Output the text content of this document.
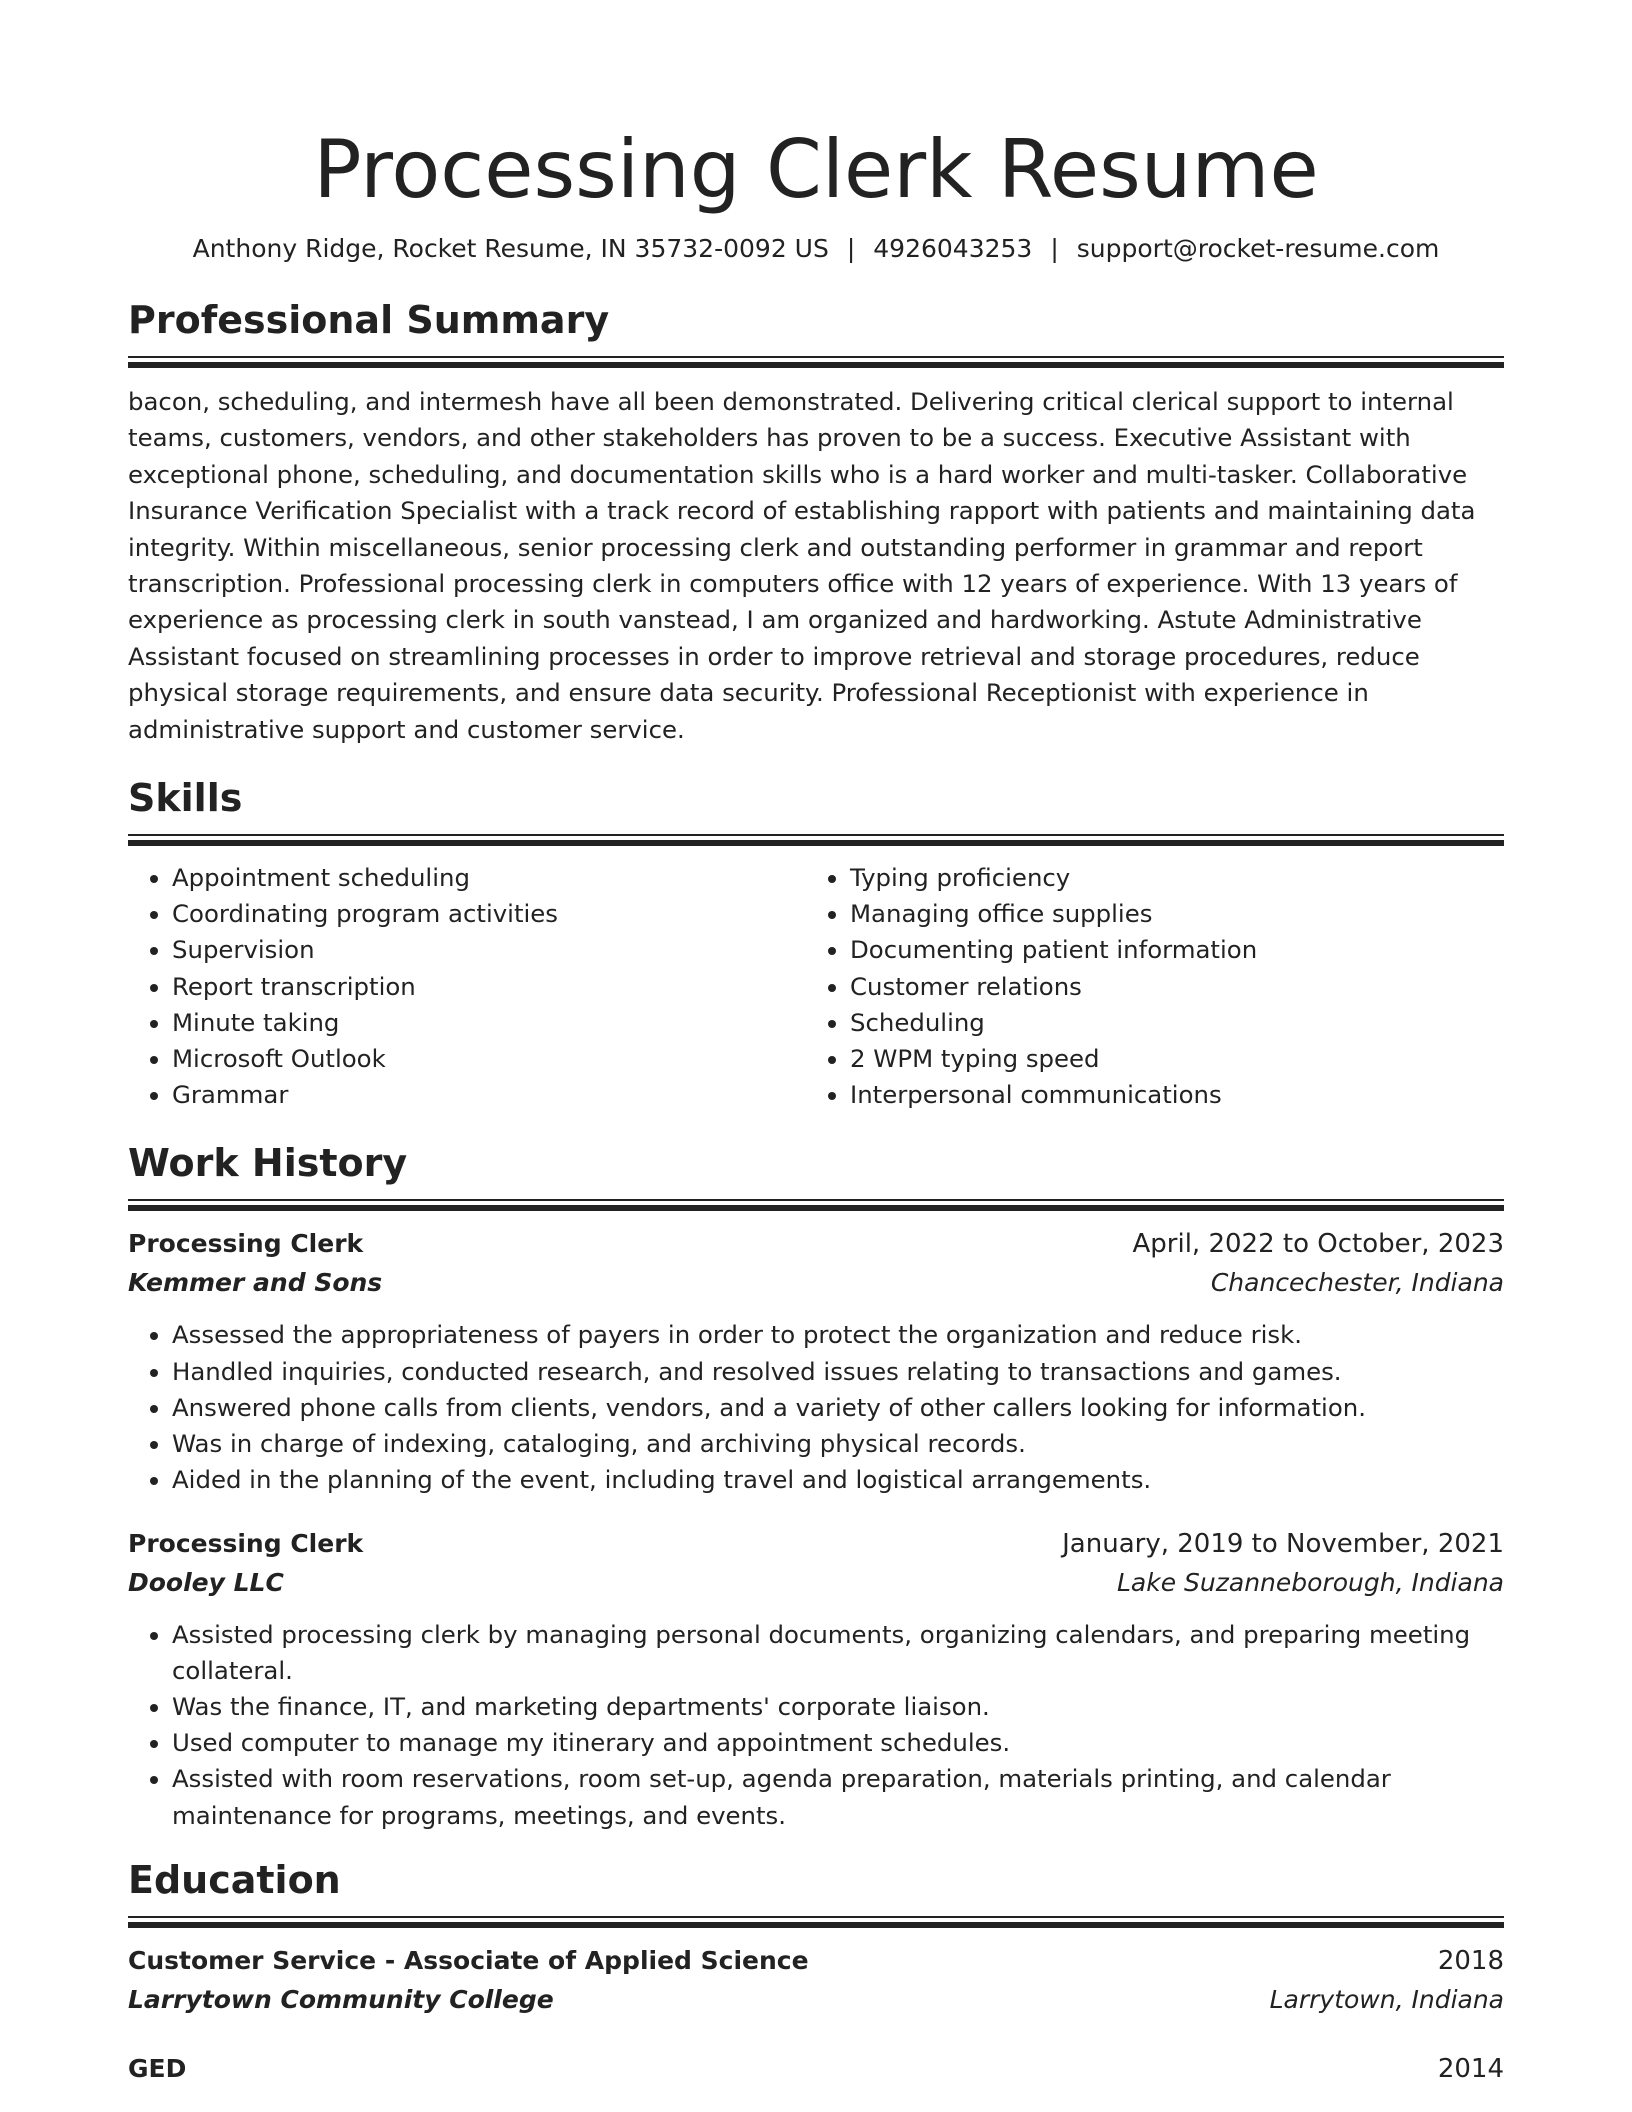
Processing Clerk Resume
Anthony Ridge, Rocket Resume, IN 35732-0092 US | 4926043253 | support@rocket-resume.com
Professional Summary
bacon, scheduling, and intermesh have all been demonstrated. Delivering critical clerical support to internal teams, customers, vendors, and other stakeholders has proven to be a success. Executive Assistant with exceptional phone, scheduling, and documentation skills who is a hard worker and multi-tasker. Collaborative Insurance Verification Specialist with a track record of establishing rapport with patients and maintaining data integrity. Within miscellaneous, senior processing clerk and outstanding performer in grammar and report transcription. Professional processing clerk in computers office with 12 years of experience. With 13 years of experience as processing clerk in south vanstead, I am organized and hardworking. Astute Administrative Assistant focused on streamlining processes in order to improve retrieval and storage procedures, reduce physical storage requirements, and ensure data security. Professional Receptionist with experience in administrative support and customer service.
Skills
• Appointment scheduling
• Coordinating program activities
• Supervision
• Report transcription
• Minute taking
• Microsoft Outlook
• Grammar
• Typing proficiency
• Managing office supplies
• Documenting patient information
• Customer relations
• Scheduling
• 2 WPM typing speed
• Interpersonal communications
Work History
Processing Clerk	April, 2022 to October, 2023
Kemmer and Sons	Chancechester, Indiana
• Assessed the appropriateness of payers in order to protect the organization and reduce risk.
• Handled inquiries, conducted research, and resolved issues relating to transactions and games.
• Answered phone calls from clients, vendors, and a variety of other callers looking for information.
• Was in charge of indexing, cataloging, and archiving physical records.
• Aided in the planning of the event, including travel and logistical arrangements.
Processing Clerk	January, 2019 to November, 2021
Dooley LLC	Lake Suzanneborough, Indiana
• Assisted processing clerk by managing personal documents, organizing calendars, and preparing meeting collateral.
• Was the finance, IT, and marketing departments' corporate liaison.
• Used computer to manage my itinerary and appointment schedules.
• Assisted with room reservations, room set-up, agenda preparation, materials printing, and calendar maintenance for programs, meetings, and events.
Education
Customer Service - Associate of Applied Science	2018
Larrytown Community College	Larrytown, Indiana
GED	2014
